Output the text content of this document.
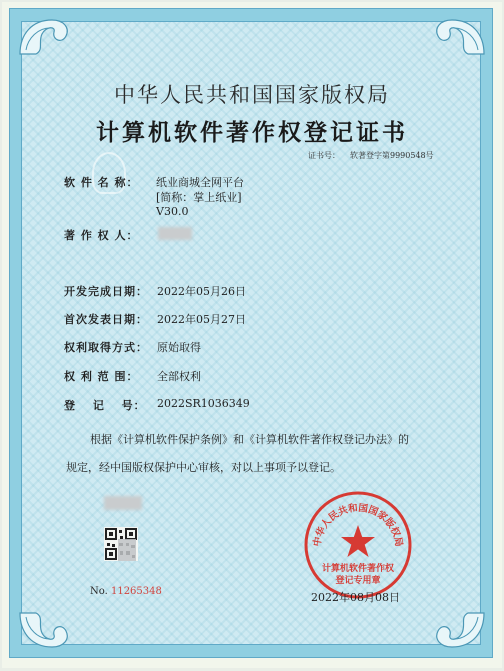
中华人民共和国国家版权局
计算机软件著作权登记证书
证书号： 软著登字第9990548号
软 件 名 称： 纸业商城全网平台
[简称：掌上纸业]
V30.0
著 作 权 人：
开发完成日期： 2022年05月26日
首次发表日期： 2022年05月27日
权利取得方式： 原始取得
权 利 范 围： 全部权利
登　 记　 号： 2022SR1036349
根据《计算机软件保护条例》和《计算机软件著作权登记办法》的
规定，经中国版权保护中心审核，对以上事项予以登记。
No. 11265348
中华人民共和国国家版权局
计算机软件著作权
登记专用章
2022年08月08日
